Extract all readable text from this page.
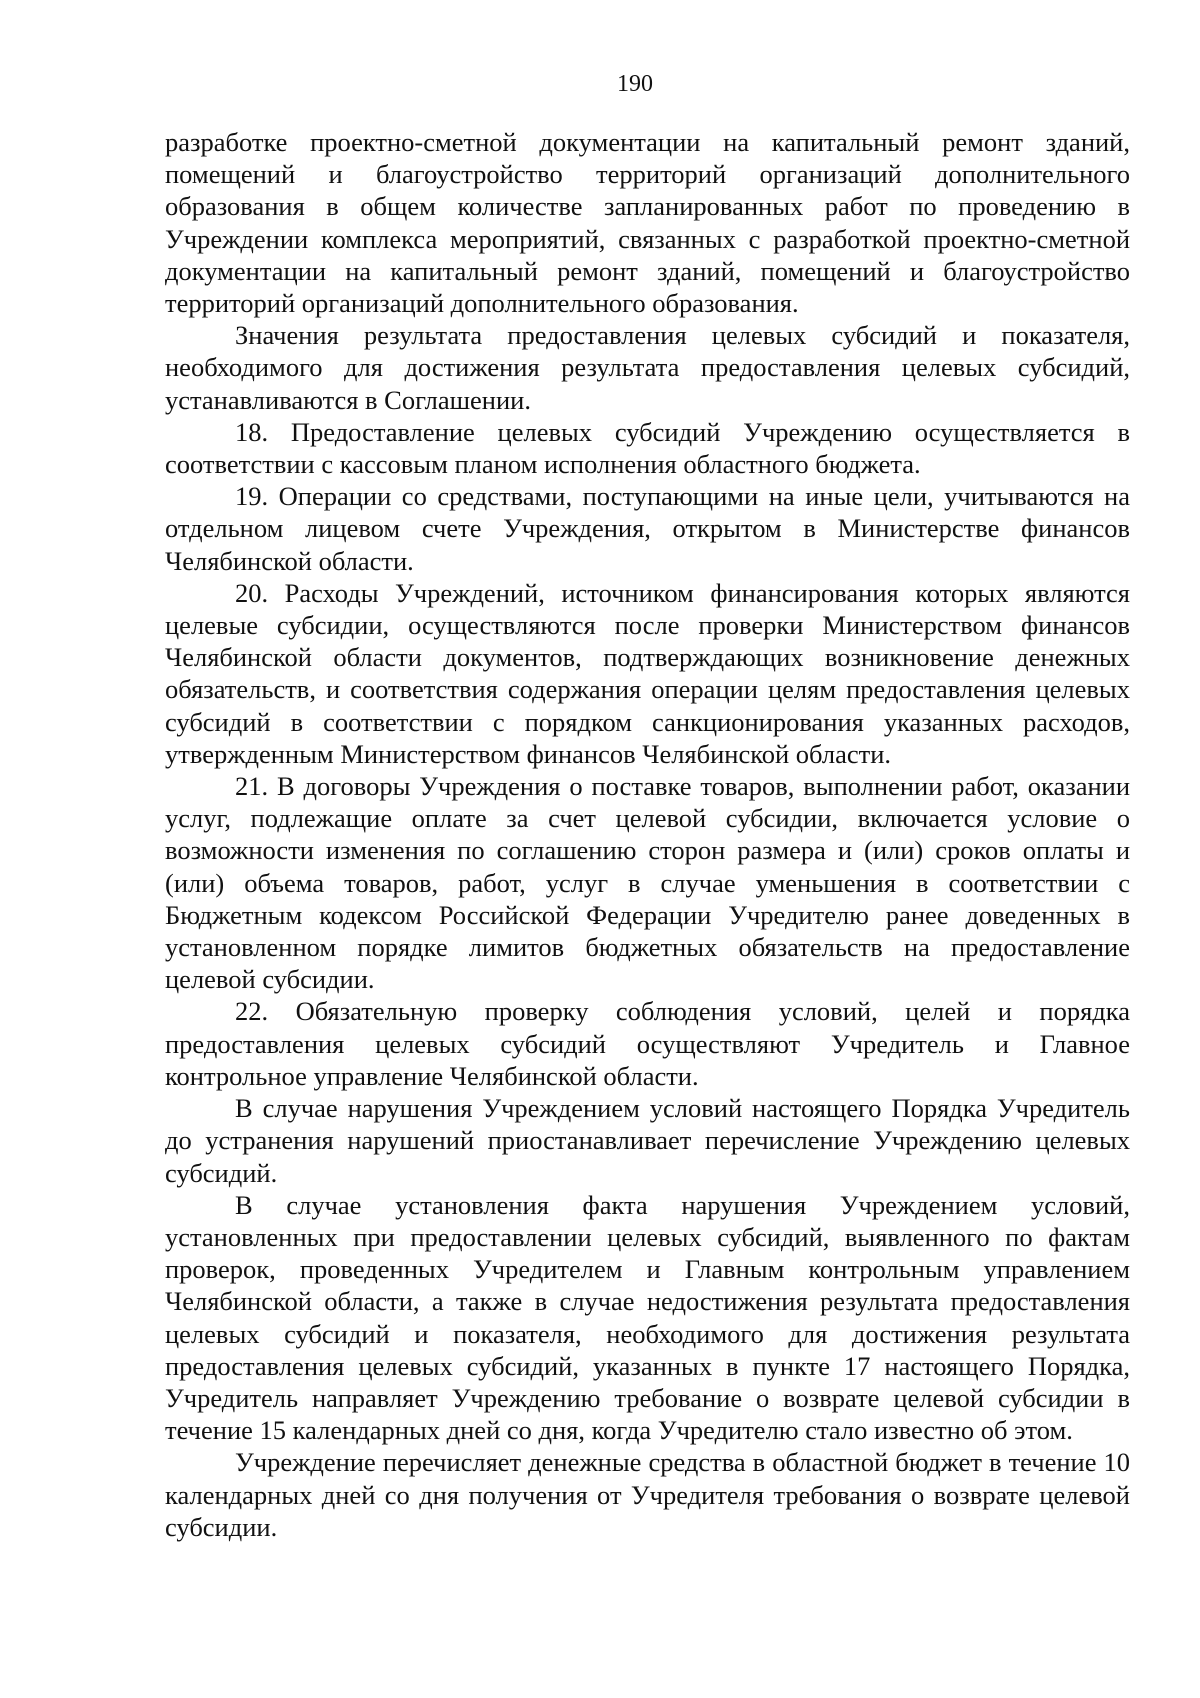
190

разработке проектно-сметной документации на капитальный ремонт зданий, помещений и благоустройство территорий организаций дополнительного образования в общем количестве запланированных работ по проведению в Учреждении комплекса мероприятий, связанных с разработкой проектно-сметной документации на капитальный ремонт зданий, помещений и благоустройство территорий организаций дополнительного образования.

Значения результата предоставления целевых субсидий и показателя, необходимого для достижения результата предоставления целевых субсидий, устанавливаются в Соглашении.

18. Предоставление целевых субсидий Учреждению осуществляется в соответствии с кассовым планом исполнения областного бюджета.

19. Операции со средствами, поступающими на иные цели, учитываются на отдельном лицевом счете Учреждения, открытом в Министерстве финансов Челябинской области.

20. Расходы Учреждений, источником финансирования которых являются целевые субсидии, осуществляются после проверки Министерством финансов Челябинской области документов, подтверждающих возникновение денежных обязательств, и соответствия содержания операции целям предоставления целевых субсидий в соответствии с порядком санкционирования указанных расходов, утвержденным Министерством финансов Челябинской области.

21. В договоры Учреждения о поставке товаров, выполнении работ, оказании услуг, подлежащие оплате за счет целевой субсидии, включается условие о возможности изменения по соглашению сторон размера и (или) сроков оплаты и (или) объема товаров, работ, услуг в случае уменьшения в соответствии с Бюджетным кодексом Российской Федерации Учредителю ранее доведенных в установленном порядке лимитов бюджетных обязательств на предоставление целевой субсидии.

22. Обязательную проверку соблюдения условий, целей и порядка предоставления целевых субсидий осуществляют Учредитель и Главное контрольное управление Челябинской области.

В случае нарушения Учреждением условий настоящего Порядка Учредитель до устранения нарушений приостанавливает перечисление Учреждению целевых субсидий.

В случае установления факта нарушения Учреждением условий, установленных при предоставлении целевых субсидий, выявленного по фактам проверок, проведенных Учредителем и Главным контрольным управлением Челябинской области, а также в случае недостижения результата предоставления целевых субсидий и показателя, необходимого для достижения результата предоставления целевых субсидий, указанных в пункте 17 настоящего Порядка, Учредитель направляет Учреждению требование о возврате целевой субсидии в течение 15 календарных дней со дня, когда Учредителю стало известно об этом.

Учреждение перечисляет денежные средства в областной бюджет в течение 10 календарных дней со дня получения от Учредителя требования о возврате целевой субсидии.
